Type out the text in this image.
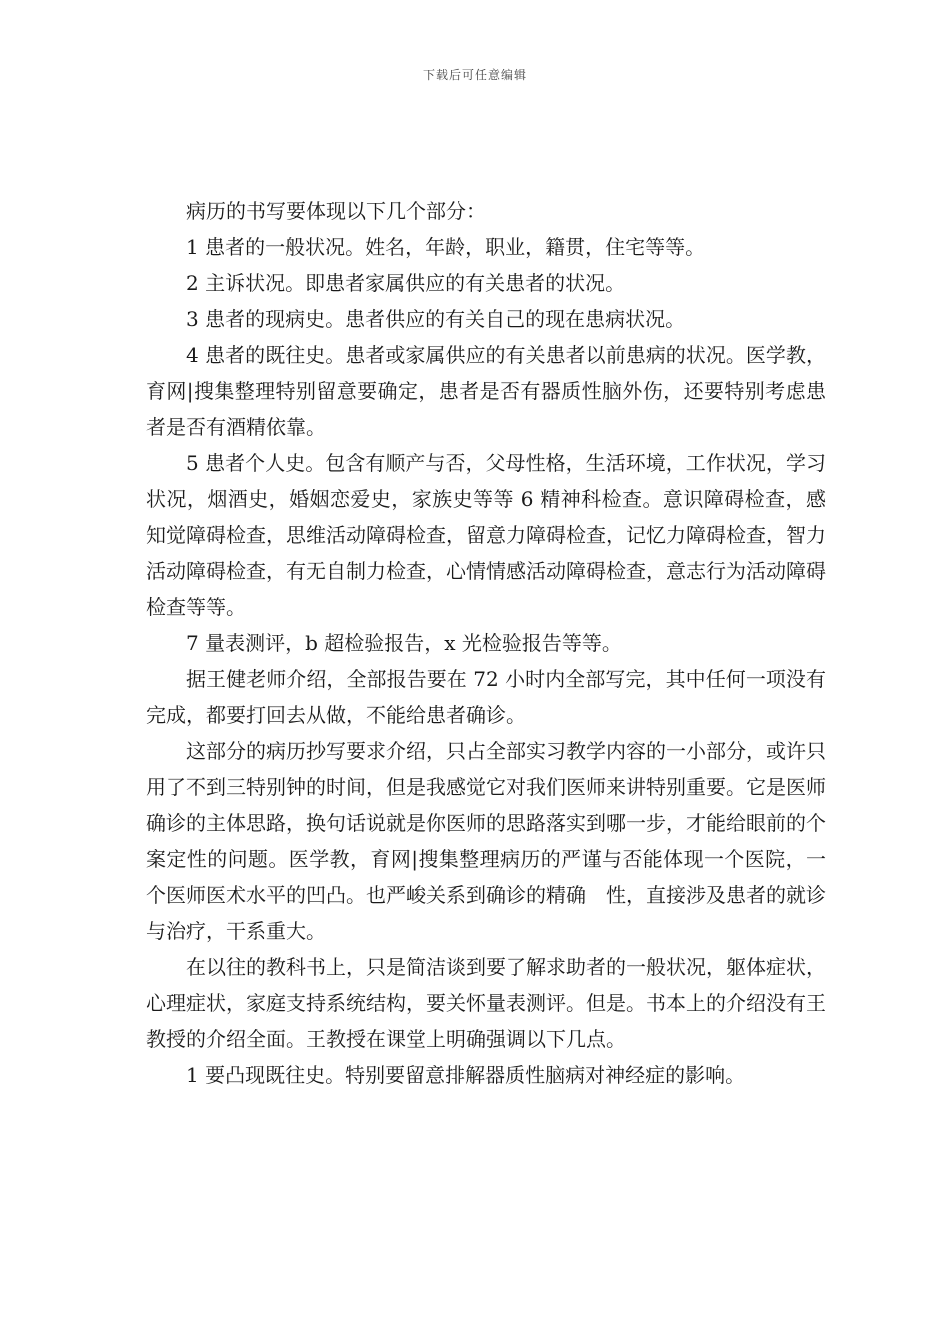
下载后可任意编辑

病历的书写要体现以下几个部分：

1 患者的一般状况。姓名，年龄，职业，籍贯，住宅等等。

2 主诉状况。即患者家属供应的有关患者的状况。

3 患者的现病史。患者供应的有关自己的现在患病状况。

4 患者的既往史。患者或家属供应的有关患者以前患病的状况。医学教，育网|搜集整理特别留意要确定，患者是否有器质性脑外伤，还要特别考虑患者是否有酒精依靠。

5 患者个人史。包含有顺产与否，父母性格，生活环境，工作状况，学习状况，烟酒史，婚姻恋爱史，家族史等等 6 精神科检查。意识障碍检查，感知觉障碍检查，思维活动障碍检查，留意力障碍检查，记忆力障碍检查，智力活动障碍检查，有无自制力检查，心情情感活动障碍检查，意志行为活动障碍检查等等。

7 量表测评，b 超检验报告，x 光检验报告等等。

据王健老师介绍，全部报告要在 72 小时内全部写完，其中任何一项没有完成，都要打回去从做，不能给患者确诊。

这部分的病历抄写要求介绍，只占全部实习教学内容的一小部分，或许只用了不到三特别钟的时间，但是我感觉它对我们医师来讲特别重要。它是医师确诊的主体思路，换句话说就是你医师的思路落实到哪一步，才能给眼前的个案定性的问题。医学教，育网|搜集整理病历的严谨与否能体现一个医院，一个医师医术水平的凹凸。也严峻关系到确诊的精确　性，直接涉及患者的就诊与治疗，干系重大。

在以往的教科书上，只是简洁谈到要了解求助者的一般状况，躯体症状，心理症状，家庭支持系统结构，要关怀量表测评。但是。书本上的介绍没有王教授的介绍全面。王教授在课堂上明确强调以下几点。

1 要凸现既往史。特别要留意排解器质性脑病对神经症的影响。
